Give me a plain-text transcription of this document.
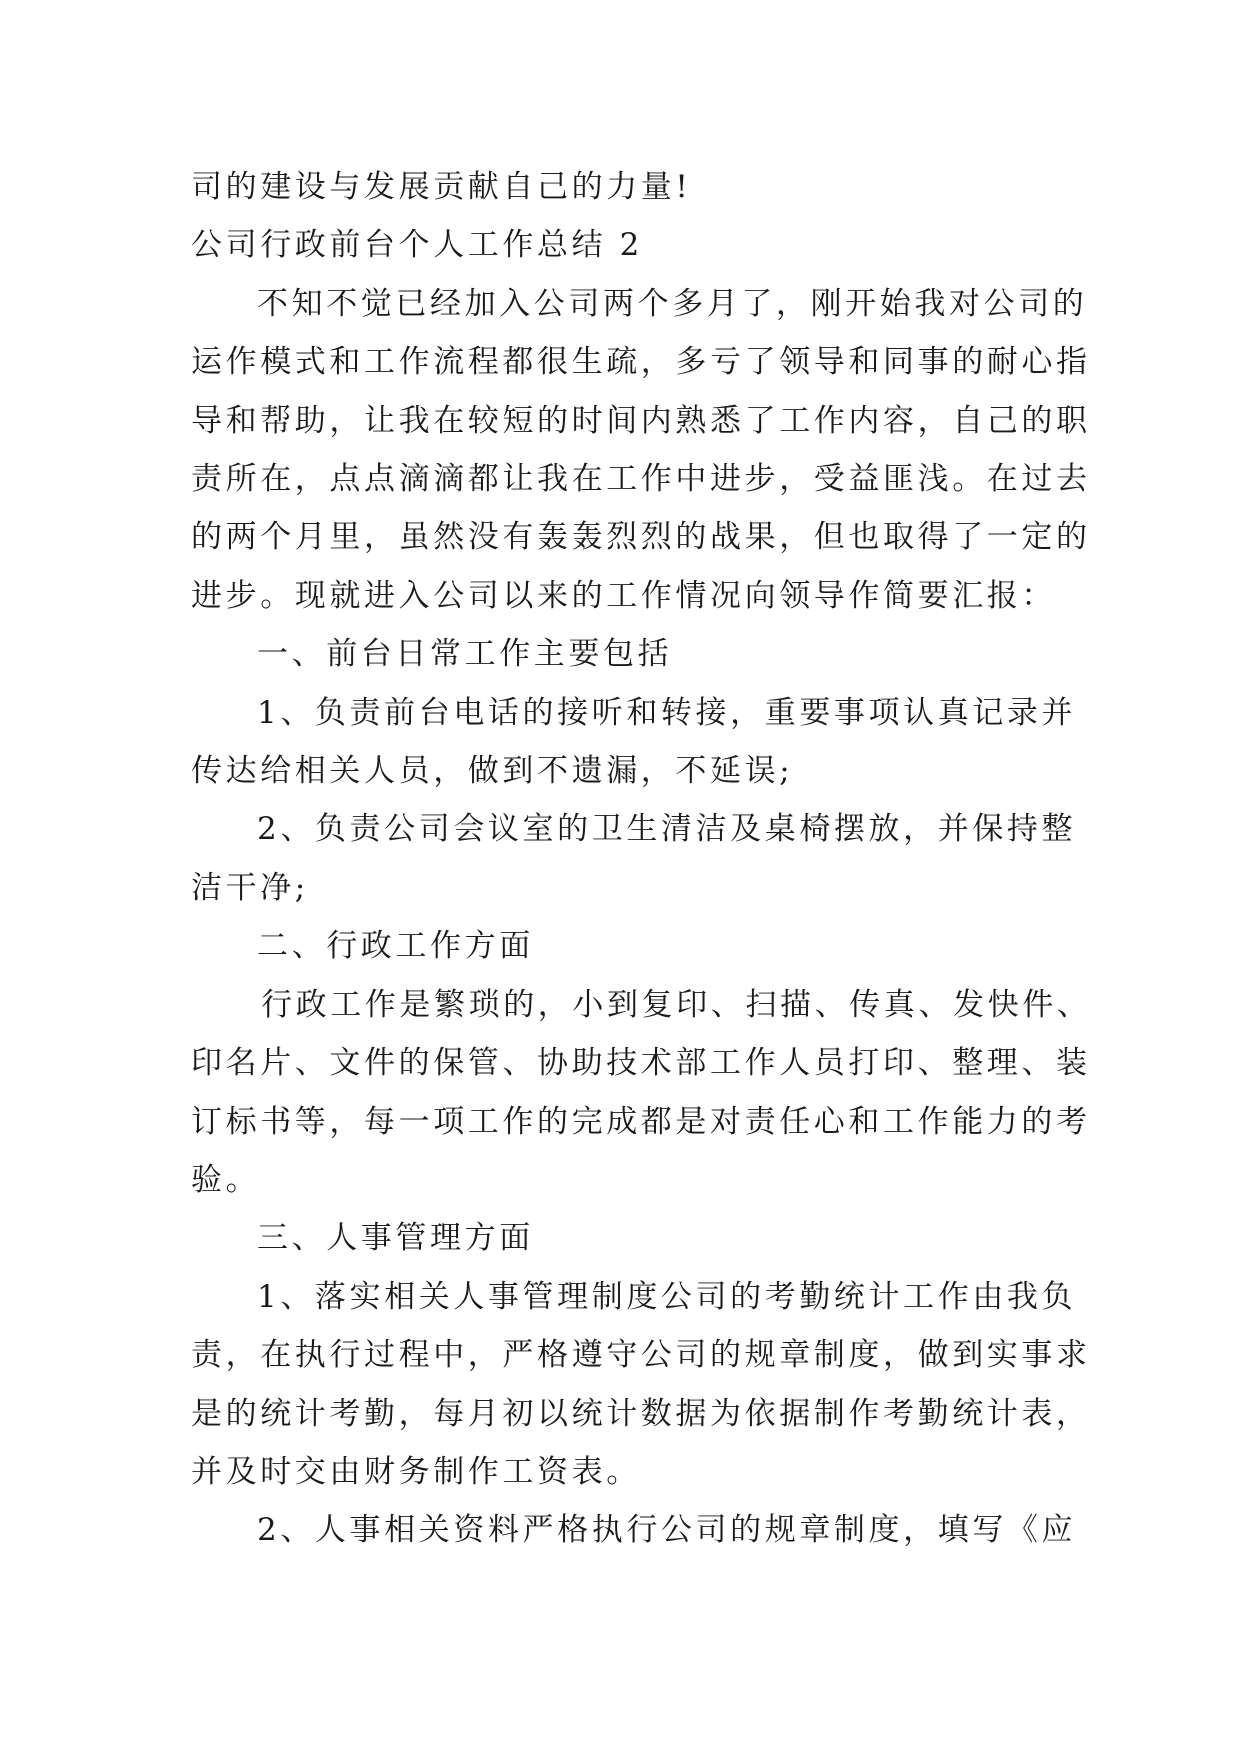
司的建设与发展贡献自己的力量!

公司行政前台个人工作总结 2

不知不觉已经加入公司两个多月了，刚开始我对公司的

运作模式和工作流程都很生疏，多亏了领导和同事的耐心指

导和帮助，让我在较短的时间内熟悉了工作内容，自己的职

责所在，点点滴滴都让我在工作中进步，受益匪浅。在过去

的两个月里，虽然没有轰轰烈烈的战果，但也取得了一定的

进步。现就进入公司以来的工作情况向领导作简要汇报：

一、前台日常工作主要包括

1、负责前台电话的接听和转接，重要事项认真记录并

传达给相关人员，做到不遗漏，不延误;

2、负责公司会议室的卫生清洁及桌椅摆放，并保持整

洁干净;

二、行政工作方面

行政工作是繁琐的，小到复印、扫描、传真、发快件、

印名片、文件的保管、协助技术部工作人员打印、整理、装

订标书等，每一项工作的完成都是对责任心和工作能力的考

验。

三、人事管理方面

1、落实相关人事管理制度公司的考勤统计工作由我负

责，在执行过程中，严格遵守公司的规章制度，做到实事求

是的统计考勤，每月初以统计数据为依据制作考勤统计表，

并及时交由财务制作工资表。

2、人事相关资料严格执行公司的规章制度，填写《应
